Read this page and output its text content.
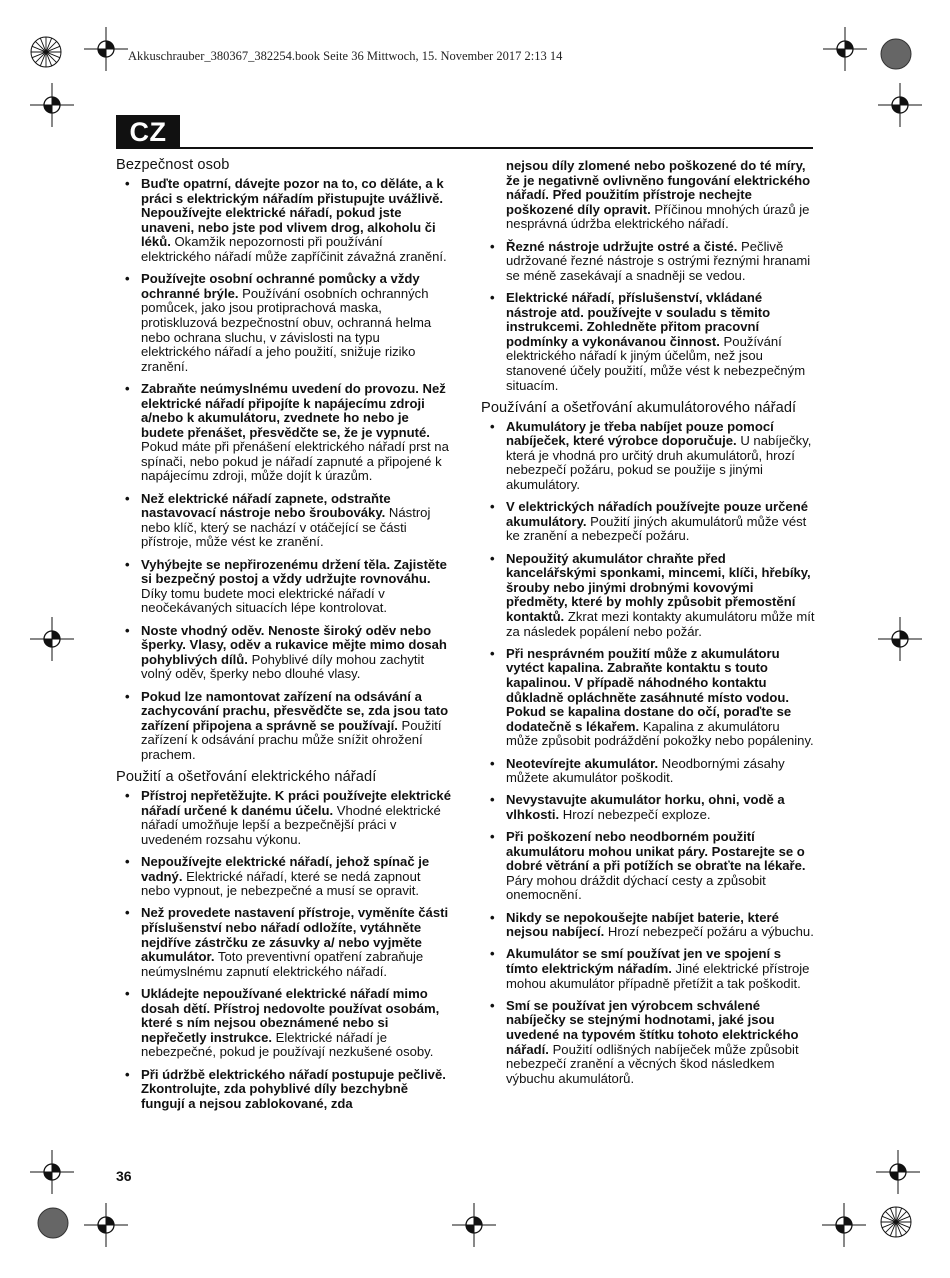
Akkuschrauber_380367_382254.book Seite 36 Mittwoch, 15. November 2017 2:13 14
CZ
Bezpečnost osob
• Buďte opatrní, dávejte pozor na to, co děláte, a k práci s elektrickým nářadím přistupujte uvážlivě. Nepoužívejte elektrické nářadí, pokud jste unaveni, nebo jste pod vlivem drog, alkoholu či léků. Okamžik nepozornosti při používání elektrického nářadí může zapříčinit závažná zranění.
• Používejte osobní ochranné pomůcky a vždy ochranné brýle. Používání osobních ochranných pomůcek, jako jsou protiprachová maska, protiskluzová bezpečnostní obuv, ochranná helma nebo ochrana sluchu, v závislosti na typu elektrického nářadí a jeho použití, snižuje riziko zranění.
• Zabraňte neúmyslnému uvedení do provozu. Než elektrické nářadí připojíte k napájecímu zdroji a/nebo k akumulátoru, zvednete ho nebo je budete přenášet, přesvědčte se, že je vypnuté. Pokud máte při přenášení elektrického nářadí prst na spínači, nebo pokud je nářadí zapnuté a připojené k napájecímu zdroji, může dojít k úrazům.
• Než elektrické nářadí zapnete, odstraňte nastavovací nástroje nebo šroubováky. Nástroj nebo klíč, který se nachází v otáčející se části přístroje, může vést ke zranění.
• Vyhýbejte se nepřirozenému držení těla. Zajistěte si bezpečný postoj a vždy udržujte rovnováhu. Díky tomu budete moci elektrické nářadí v neočekávaných situacích lépe kontrolovat.
• Noste vhodný oděv. Nenoste široký oděv nebo šperky. Vlasy, oděv a rukavice mějte mimo dosah pohyblivých dílů. Pohyblivé díly mohou zachytit volný oděv, šperky nebo dlouhé vlasy.
• Pokud lze namontovat zařízení na odsávání a zachycování prachu, přesvědčte se, zda jsou tato zařízení připojena a správně se používají. Použití zařízení k odsávání prachu může snížit ohrožení prachem.
Použití a ošetřování elektrického nářadí
• Přístroj nepřetěžujte. K práci používejte elektrické nářadí určené k danému účelu. Vhodné elektrické nářadí umožňuje lepší a bezpečnější práci v uvedeném rozsahu výkonu.
• Nepoužívejte elektrické nářadí, jehož spínač je vadný. Elektrické nářadí, které se nedá zapnout nebo vypnout, je nebezpečné a musí se opravit.
• Než provedete nastavení přístroje, vyměníte části příslušenství nebo nářadí odložíte, vytáhněte nejdříve zástrčku ze zásuvky a/ nebo vyjměte akumulátor. Toto preventivní opatření zabraňuje neúmyslnému zapnutí elektrického nářadí.
• Ukládejte nepoužívané elektrické nářadí mimo dosah dětí. Přístroj nedovolte používat osobám, které s ním nejsou obeznámené nebo si nepřečetly instrukce. Elektrické nářadí je nebezpečné, pokud je používají nezkušené osoby.
• Při údržbě elektrického nářadí postupuje pečlivě. Zkontrolujte, zda pohyblivé díly bezchybně fungují a nejsou zablokované, zda
nejsou díly zlomené nebo poškozené do té míry, že je negativně ovlivněno fungování elektrického nářadí. Před použitím přístroje nechejte poškozené díly opravit. Příčinou mnohých úrazů je nesprávná údržba elektrického nářadí.
• Řezné nástroje udržujte ostré a čisté. Pečlivě udržované řezné nástroje s ostrými řeznými hranami se méně zasekávají a snadněji se vedou.
• Elektrické nářadí, příslušenství, vkládané nástroje atd. používejte v souladu s těmito instrukcemi. Zohledněte přitom pracovní podmínky a vykonávanou činnost. Používání elektrického nářadí k jiným účelům, než jsou stanovené účely použití, může vést k nebezpečným situacím.
Používání a ošetřování akumulátorového nářadí
• Akumulátory je třeba nabíjet pouze pomocí nabíječek, které výrobce doporučuje. U nabíječky, která je vhodná pro určitý druh akumulátorů, hrozí nebezpečí požáru, pokud se použije s jinými akumulátory.
• V elektrických nářadích používejte pouze určené akumulátory. Použití jiných akumulátorů může vést ke zranění a nebezpečí požáru.
• Nepoužitý akumulátor chraňte před kancelářskými sponkami, mincemi, klíči, hřebíky, šrouby nebo jinými drobnými kovovými předměty, které by mohly způsobit přemostění kontaktů. Zkrat mezi kontakty akumulátoru může mít za následek popálení nebo požár.
• Při nesprávném použití může z akumulátoru vytéct kapalina. Zabraňte kontaktu s touto kapalinou. V případě náhodného kontaktu důkladně opláchněte zasáhnuté místo vodou. Pokud se kapalina dostane do očí, poraďte se dodatečně s lékařem. Kapalina z akumulátoru může způsobit podráždění pokožky nebo popáleniny.
• Neotevírejte akumulátor. Neodbornými zásahy můžete akumulátor poškodit.
• Nevystavujte akumulátor horku, ohni, vodě a vlhkosti. Hrozí nebezpečí exploze.
• Při poškození nebo neodborném použití akumulátoru mohou unikat páry. Postarejte se o dobré větrání a při potížích se obraťte na lékaře. Páry mohou dráždit dýchací cesty a způsobit onemocnění.
• Nikdy se nepokoušejte nabíjet baterie, které nejsou nabíjecí. Hrozí nebezpečí požáru a výbuchu.
• Akumulátor se smí používat jen ve spojení s tímto elektrickým nářadím. Jiné elektrické přístroje mohou akumulátor případně přetížit a tak poškodit.
• Smí se používat jen výrobcem schválené nabíječky se stejnými hodnotami, jaké jsou uvedené na typovém štítku tohoto elektrického nářadí. Použití odlišných nabíječek může způsobit nebezpečí zranění a věcných škod následkem výbuchu akumulátorů.
36
